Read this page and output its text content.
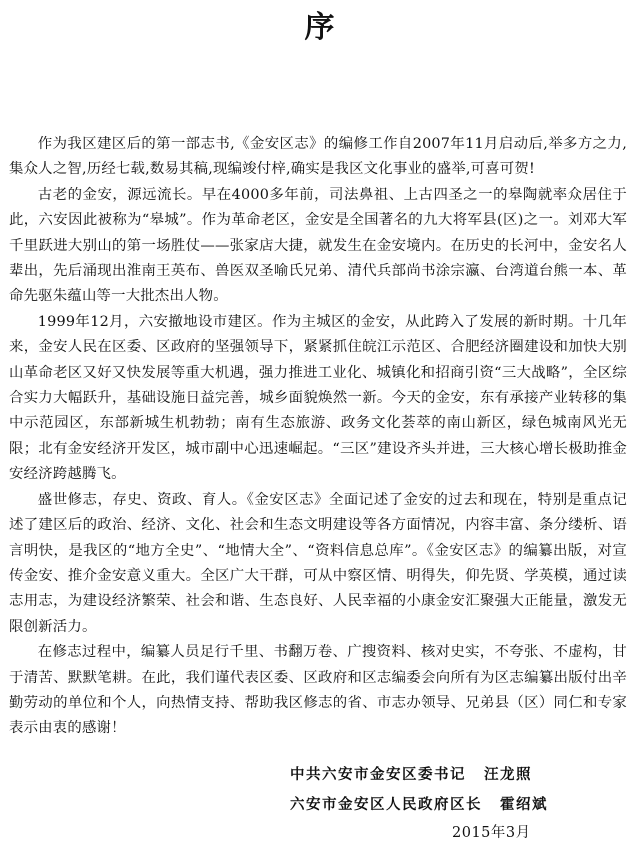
序

作为我区建区后的第一部志书,《金安区志》的编修工作自2007年11月启动后,举多方之力,集众人之智,历经七载,数易其稿,现编竣付梓,确实是我区文化事业的盛举,可喜可贺!

古老的金安，源远流长。早在4000多年前，司法鼻祖、上古四圣之一的皋陶就率众居住于此，六安因此被称为“皋城”。作为革命老区，金安是全国著名的九大将军县(区)之一。刘邓大军千里跃进大别山的第一场胜仗——张家店大捷，就发生在金安境内。在历史的长河中，金安名人辈出，先后涌现出淮南王英布、兽医双圣喻氏兄弟、清代兵部尚书涂宗瀛、台湾道台熊一本、革命先驱朱蕴山等一大批杰出人物。

1999年12月，六安撤地设市建区。作为主城区的金安，从此跨入了发展的新时期。十几年来，金安人民在区委、区政府的坚强领导下，紧紧抓住皖江示范区、合肥经济圈建设和加快大别山革命老区又好又快发展等重大机遇，强力推进工业化、城镇化和招商引资“三大战略”，全区综合实力大幅跃升，基础设施日益完善，城乡面貌焕然一新。今天的金安，东有承接产业转移的集中示范园区，东部新城生机勃勃；南有生态旅游、政务文化荟萃的南山新区，绿色城南风光无限；北有金安经济开发区，城市副中心迅速崛起。“三区”建设齐头并进，三大核心增长极助推金安经济跨越腾飞。

盛世修志，存史、资政、育人。《金安区志》全面记述了金安的过去和现在，特别是重点记述了建区后的政治、经济、文化、社会和生态文明建设等各方面情况，内容丰富、条分缕析、语言明快，是我区的“地方全史”、“地情大全”、“资料信息总库”。《金安区志》的编纂出版，对宣传金安、推介金安意义重大。全区广大干群，可从中察区情、明得失，仰先贤、学英模，通过读志用志，为建设经济繁荣、社会和谐、生态良好、人民幸福的小康金安汇聚强大正能量，激发无限创新活力。

在修志过程中，编纂人员足行千里、书翻万卷、广搜资料、核对史实，不夸张、不虚构，甘于清苦、默默笔耕。在此，我们谨代表区委、区政府和区志编委会向所有为区志编纂出版付出辛勤劳动的单位和个人，向热情支持、帮助我区修志的省、市志办领导、兄弟县（区）同仁和专家表示由衷的感谢！

中共六安市金安区委书记 汪龙照
六安市金安区人民政府区长 霍绍斌
2015年3月
